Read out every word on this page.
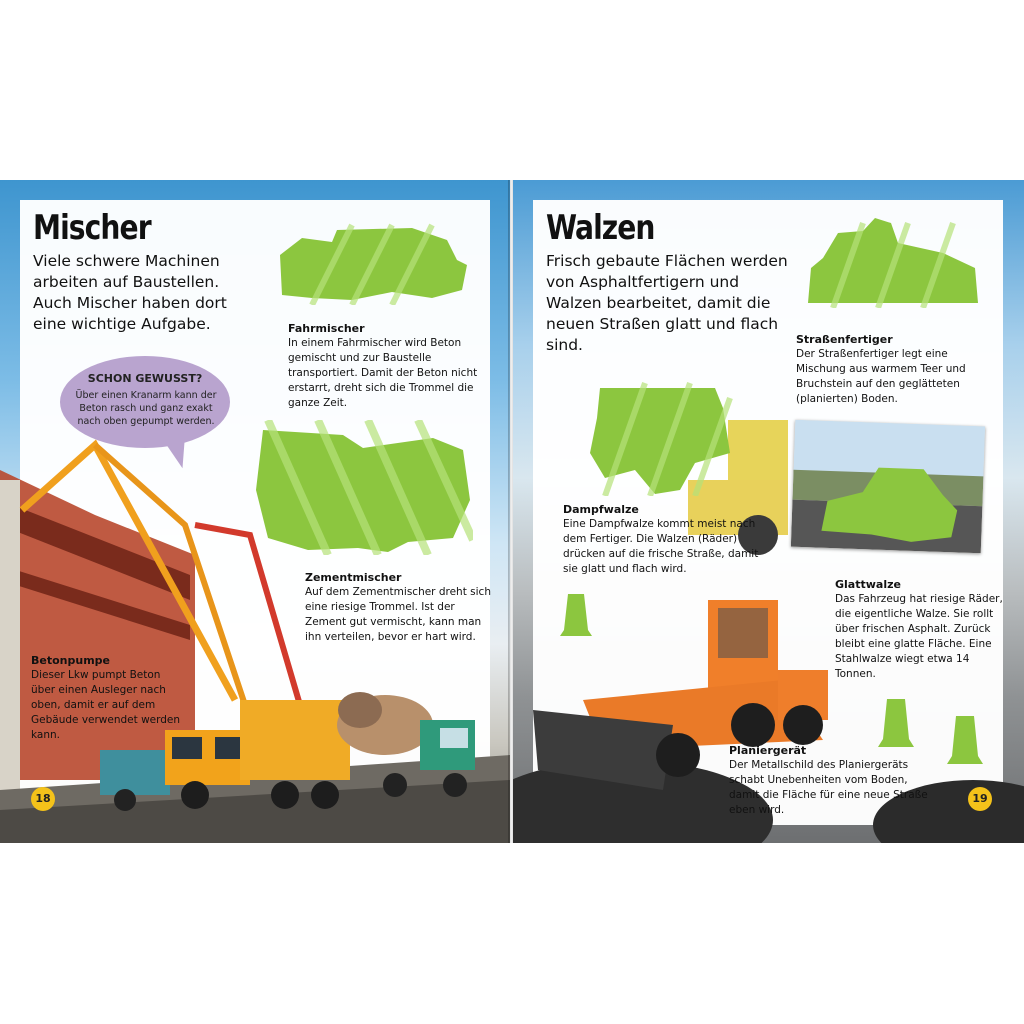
Mischer

Viele schwere Machinen arbeiten auf Baustellen. Auch Mischer haben dort eine wichtige Aufgabe.

SCHON GEWUSST?
Über einen Kranarm kann der Beton rasch und ganz exakt nach oben gepumpt werden.
Fahrmischer
In einem Fahrmischer wird Beton gemischt und zur Baustelle transportiert. Damit der Beton nicht erstarrt, dreht sich die Trommel die ganze Zeit.
Zementmischer
Auf dem Zementmischer dreht sich eine riesige Trommel. Ist der Zement gut vermischt, kann man ihn verteilen, bevor er hart wird.
Betonpumpe
Dieser Lkw pumpt Beton über einen Ausleger nach oben, damit er auf dem Gebäude verwendet werden kann.
18
Walzen

Frisch gebaute Flächen werden von Asphaltfertigern und Walzen bearbeitet, damit die neuen Straßen glatt und flach sind.	Straßenfertiger
Der Straßenfertiger legt eine Mischung aus warmem Teer und Bruchstein auf den geglätteten (planierten) Boden.
Dampfwalze
Eine Dampfwalze kommt meist nach dem Fertiger. Die Walzen (Räder) drücken auf die frische Straße, damit sie glatt und flach wird.
Glattwalze
Das Fahrzeug hat riesige Räder, die eigentliche Walze. Sie rollt über frischen Asphalt. Zurück bleibt eine glatte Fläche. Eine Stahlwalze wiegt etwa 14 Tonnen.
Planiergerät
Der Metallschild des Planiergeräts schabt Unebenheiten vom Boden, damit die Fläche für eine neue Straße eben wird.
19
